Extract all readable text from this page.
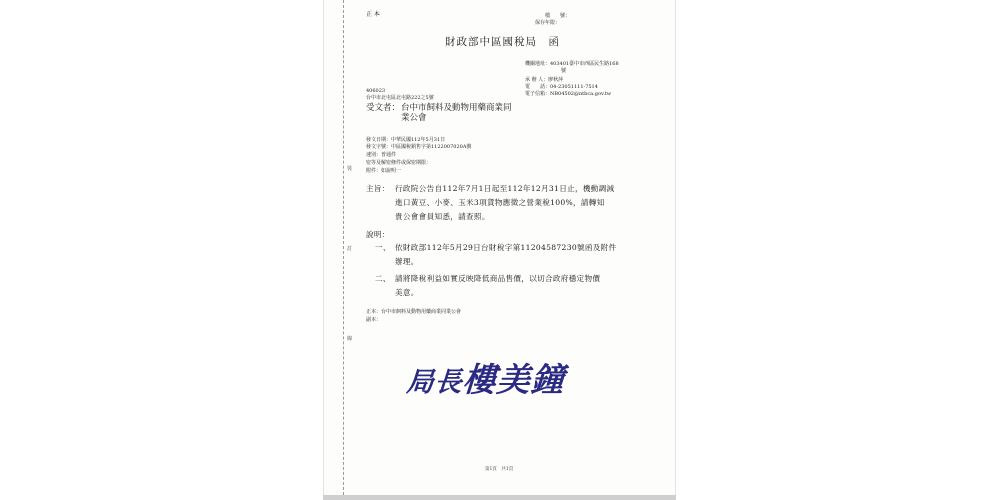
裝
訂
線
正 本	檔　　號：
保存年限：
財政部中區國稅局　函
機關地址：403401臺中市西區民生路168
號
承 辦 人：廖秋萍
電　　話：04-23051111-7514
電子信箱：NB04502@ntbca.gov.tw
406023
台中市北屯區北屯路222之5號
受文者： 台中市飼料及動物用藥商業同
業公會
發文日期：中華民國112年5月31日
發文字號：中區國稅銷售字第1122007020A號
速別：普通件
密等及解密條件或保密期限：
附件：如說明一
主旨： 行政院公告自112年7月1日起至112年12月31日止，機動調減
進口黃豆、小麥、玉米3項貨物應徵之營業稅100%，請轉知
貴公會會員知悉，請查照。
說明：
一、 依財政部112年5月29日台財稅字第11204587230號函及附件
辦理。
二、 請將降稅利益如實反映降低商品售價，以切合政府穩定物價
美意。
正本：台中市飼料及動物用藥商業同業公會
副本：
局長樓美鐘
第1頁　共1頁
